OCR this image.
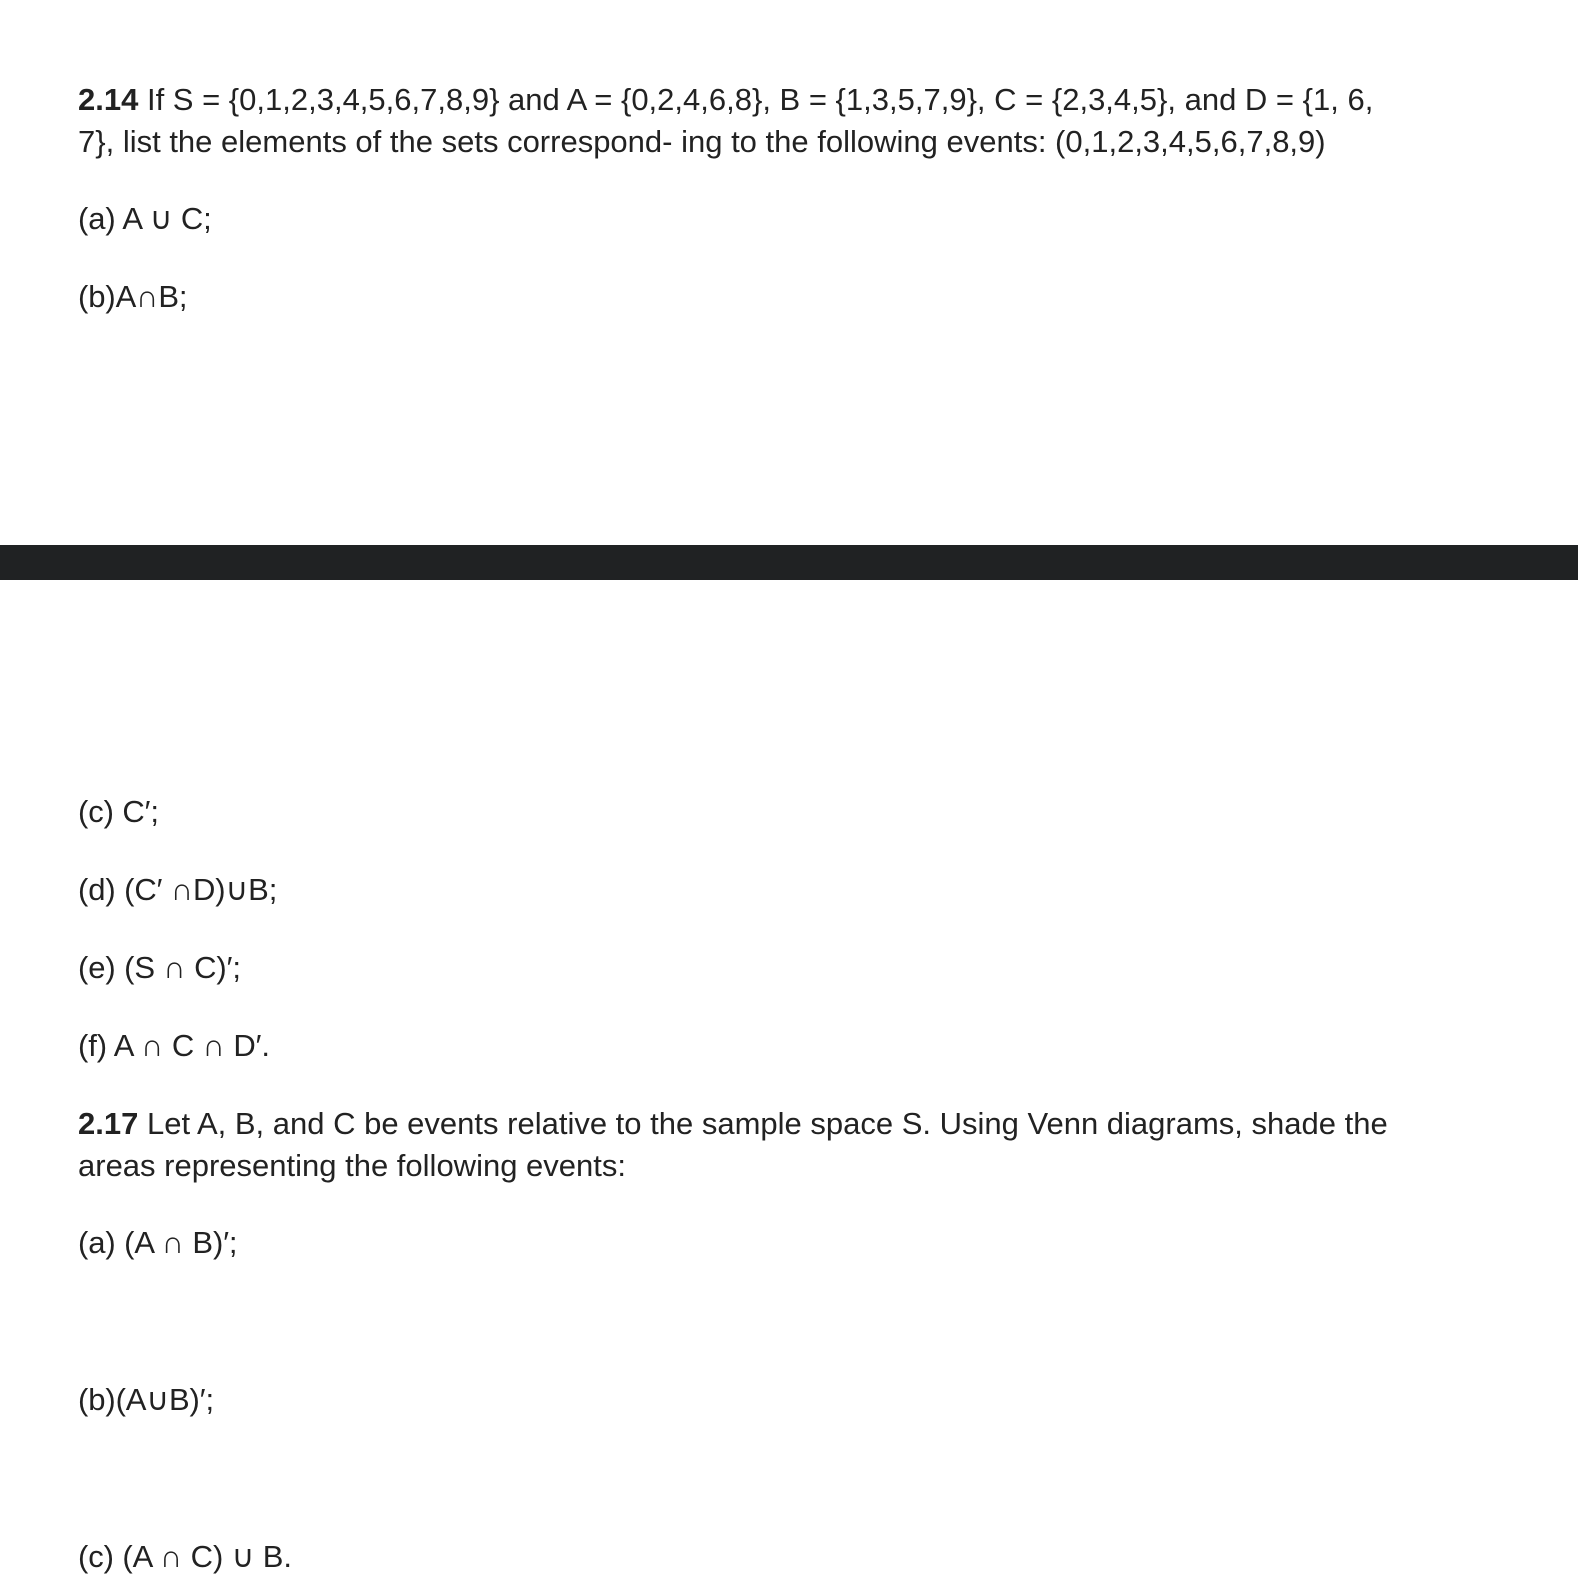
2.14 If S = {0,1,2,3,4,5,6,7,8,9} and A = {0,2,4,6,8}, B = {1,3,5,7,9}, C = {2,3,4,5}, and D = {1, 6,
7}, list the elements of the sets correspond- ing to the following events: (0,1,2,3,4,5,6,7,8,9)

(a) A ∪ C;

(b)A∩B;

(c) C′;

(d) (C′ ∩D)∪B;

(e) (S ∩ C)′;

(f) A ∩ C ∩ D′.

2.17 Let A, B, and C be events relative to the sample space S. Using Venn diagrams, shade the
areas representing the following events:

(a) (A ∩ B)′;

(b)(A∪B)′;

(c) (A ∩ C) ∪ B.
